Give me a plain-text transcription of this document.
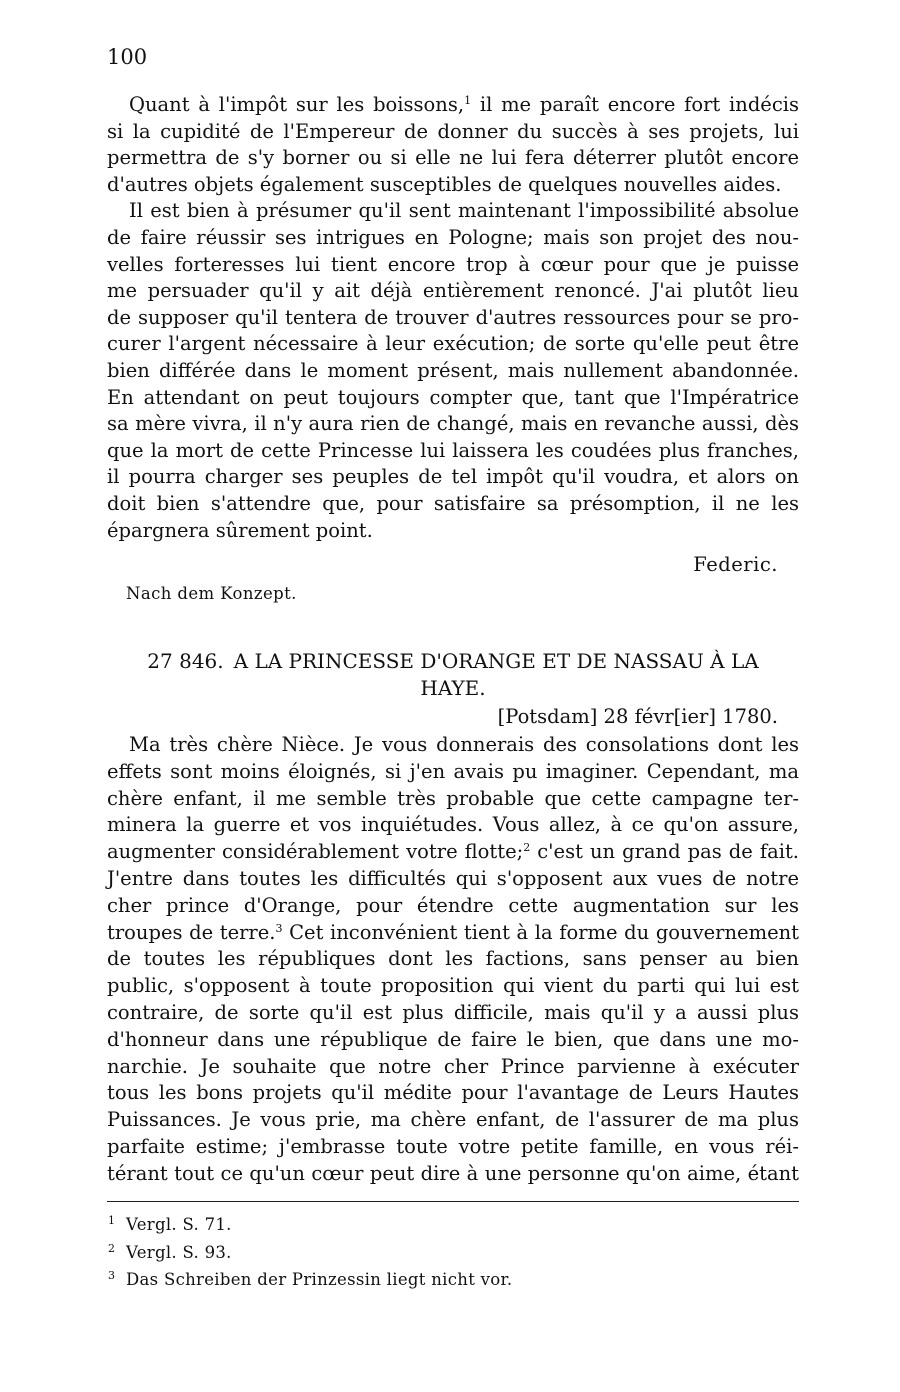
100
Quant à l'impôt sur les boissons,$^1$ il me paraît encore fort indécis
si la cupidité de l'Empereur de donner du succès à ses projets, lui
permettra de s'y borner ou si elle ne lui fera déterrer plutôt encore
d'autres objets également susceptibles de quelques nouvelles aides.
Il est bien à présumer qu'il sent maintenant l'impossibilité absolue
de faire réussir ses intrigues en Pologne; mais son projet des nou-
velles forteresses lui tient encore trop à cœur pour que je puisse
me persuader qu'il y ait déjà entièrement renoncé. J'ai plutôt lieu
de supposer qu'il tentera de trouver d'autres ressources pour se pro-
curer l'argent nécessaire à leur exécution; de sorte qu'elle peut être
bien différée dans le moment présent, mais nullement abandonnée.
En attendant on peut toujours compter que, tant que l'Impératrice
sa mère vivra, il n'y aura rien de changé, mais en revanche aussi, dès
que la mort de cette Princesse lui laissera les coudées plus franches,
il pourra charger ses peuples de tel impôt qu'il voudra, et alors on
doit bien s'attendre que, pour satisfaire sa présomption, il ne les
épargnera sûrement point.
Federic.
Nach dem Konzept.
27 846. A LA PRINCESSE D'ORANGE ET DE NASSAU À LA
HAYE.
[Potsdam] 28 févr[ier] 1780.
Ma très chère Nièce. Je vous donnerais des consolations dont les
effets sont moins éloignés, si j'en avais pu imaginer. Cependant, ma
chère enfant, il me semble très probable que cette campagne ter-
minera la guerre et vos inquiétudes. Vous allez, à ce qu'on assure,
augmenter considérablement votre flotte;$^2$ c'est un grand pas de fait.
J'entre dans toutes les difficultés qui s'opposent aux vues de notre
cher prince d'Orange, pour étendre cette augmentation sur les
troupes de terre.$^3$ Cet inconvénient tient à la forme du gouvernement
de toutes les républiques dont les factions, sans penser au bien
public, s'opposent à toute proposition qui vient du parti qui lui est
contraire, de sorte qu'il est plus difficile, mais qu'il y a aussi plus
d'honneur dans une république de faire le bien, que dans une mo-
narchie. Je souhaite que notre cher Prince parvienne à exécuter
tous les bons projets qu'il médite pour l'avantage de Leurs Hautes
Puissances. Je vous prie, ma chère enfant, de l'assurer de ma plus
parfaite estime; j'embrasse toute votre petite famille, en vous réi-
térant tout ce qu'un cœur peut dire à une personne qu'on aime, étant
1 Vergl. S. 71.
2 Vergl. S. 93.
3 Das Schreiben der Prinzessin liegt nicht vor.
